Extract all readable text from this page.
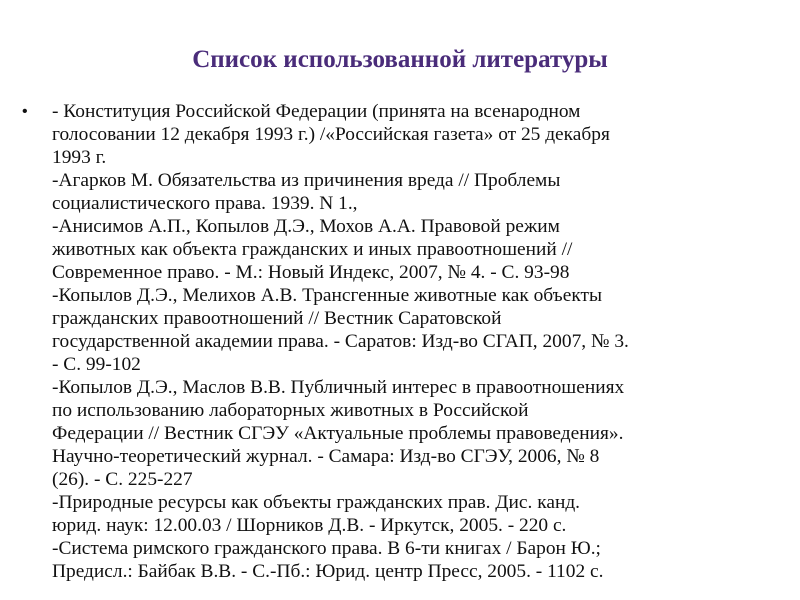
Список использованной литературы
• - Конституция Российской Федерации (принята на всенародном
голосовании 12 декабря 1993 г.) /«Российская газета» от 25 декабря
1993 г.
-Агарков М. Обязательства из причинения вреда // Проблемы
социалистического права. 1939. N 1.,
-Анисимов А.П., Копылов Д.Э., Мохов А.А. Правовой режим
животных как объекта гражданских и иных правоотношений //
Современное право. - М.: Новый Индекс, 2007, № 4. - С. 93-98
-Копылов Д.Э., Мелихов А.В. Трансгенные животные как объекты
гражданских правоотношений // Вестник Саратовской
государственной академии права. - Саратов: Изд-во СГАП, 2007, № 3.
- С. 99-102
-Копылов Д.Э., Маслов В.В. Публичный интерес в правоотношениях
по использованию лабораторных животных в Российской
Федерации // Вестник СГЭУ «Актуальные проблемы правоведения».
Научно-теоретический журнал. - Самара: Изд-во СГЭУ, 2006, № 8
(26). - С. 225-227
-Природные ресурсы как объекты гражданских прав. Дис. канд.
юрид. наук: 12.00.03 / Шорников Д.В. - Иркутск, 2005. - 220 с.
-Система римского гражданского права. В 6-ти книгах / Барон Ю.;
Предисл.: Байбак В.В. - С.-Пб.: Юрид. центр Пресс, 2005. - 1102 с.
